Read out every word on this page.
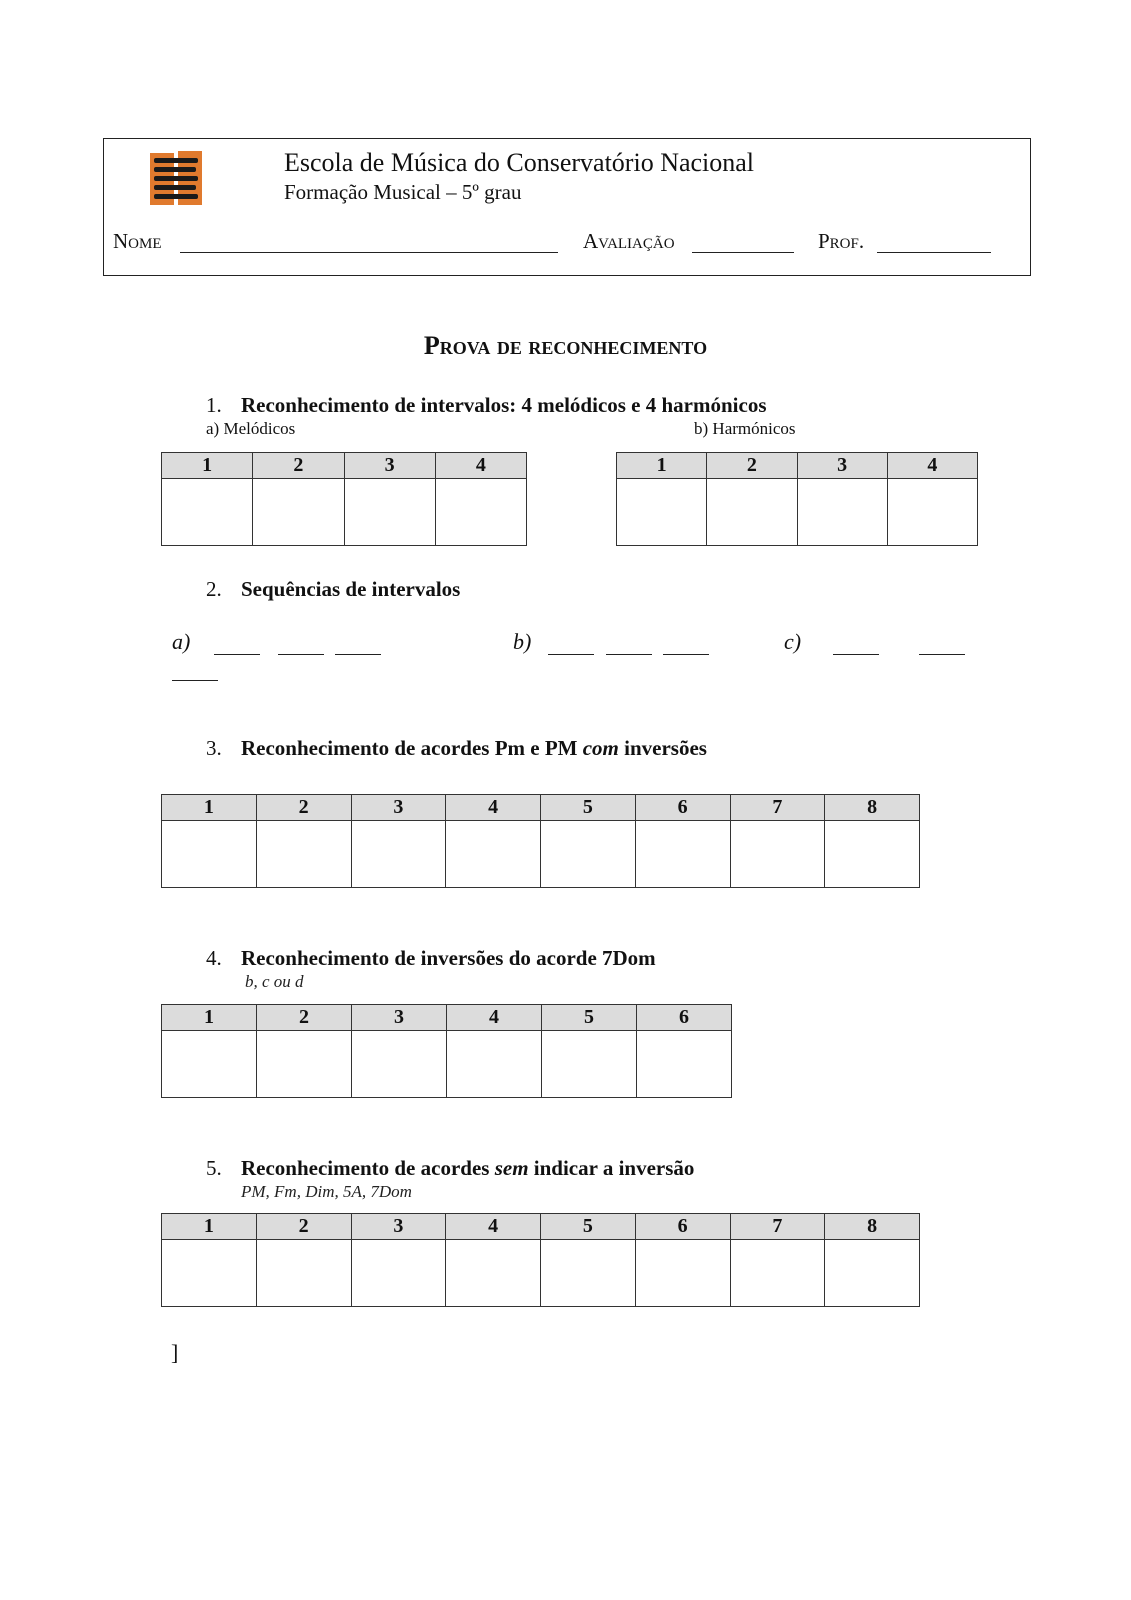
Escola de Música do Conservatório Nacional
Formação Musical – 5º grau
Nome	Avaliação	Prof.
Prova de reconhecimento
1. Reconhecimento de intervalos: 4 melódicos e 4 harmónicos
a) Melódicos	b) Harmónicos
1	2	3	4
				1	2	3	4

2. Sequências de intervalos
a)	b)	c)
3. Reconhecimento de acordes Pm e PM com inversões
1	2	3	4	5	6	7	8

4. Reconhecimento de inversões do acorde 7Dom
b, c ou d
1	2	3	4	5	6

5. Reconhecimento de acordes sem indicar a inversão
PM, Fm, Dim, 5A, 7Dom
1	2	3	4	5	6	7	8

]
